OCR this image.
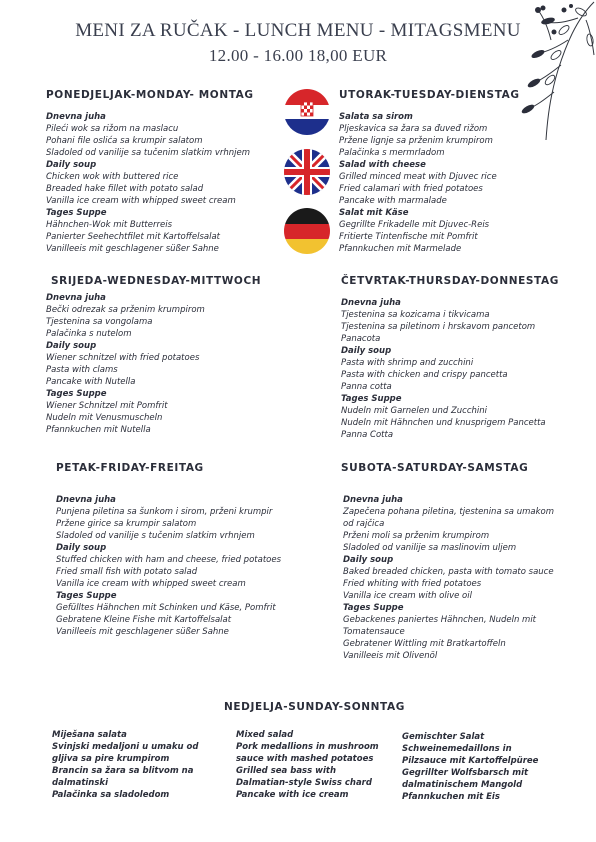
MENI ZA RUČAK - LUNCH MENU - MITAGSMENU
12.00 - 16.00 18,00 EUR
PONEDJELJAK-MONDAY- MONTAG
Dnevna juha
Pileći wok sa rižom na maslacu
Pohani file oslića sa krumpir salatom
Sladoled od vanilije sa tučenim slatkim vrhnjem
Daily soup
Chicken wok with buttered rice
Breaded hake fillet with potato salad
Vanilla ice cream with whipped sweet cream
Tages Suppe
Hähnchen-Wok mit Butterreis
Panierter Seehechtfilet mit Kartoffelsalat
Vanilleeis mit geschlagener süßer Sahne
UTORAK-TUESDAY-DIENSTAG
Salata sa sirom
Pljeskavica sa žara sa đuveđ rižom
Pržene lignje sa prženim krumpirom
Palačinka s mermrladom
Salad with cheese
Grilled minced meat with Djuvec rice
Fried calamari with fried potatoes
Pancake with marmalade
Salat mit Käse
Gegrillte Frikadelle mit Djuvec-Reis
Fritierte Tintenfische mit Pomfrit
Pfannkuchen mit Marmelade
SRIJEDA-WEDNESDAY-MITTWOCH
Dnevna juha
Bečki odrezak sa prženim krumpirom
Tjestenina sa vongolama
Palačinka s nutelom
Daily soup
Wiener schnitzel with fried potatoes
Pasta with clams
Pancake with Nutella
Tages Suppe
Wiener Schnitzel mit Pomfrit
Nudeln mit Venusmuscheln
Pfannkuchen mit Nutella
ČETVRTAK-THURSDAY-DONNESTAG
Dnevna juha
Tjestenina sa kozicama i tikvicama
Tjestenina sa piletinom i hrskavom pancetom
Panacota
Daily soup
Pasta with shrimp and zucchini
Pasta with chicken and crispy pancetta
Panna cotta
Tages Suppe
Nudeln mit Garnelen und Zucchini
Nudeln mit Hähnchen und knusprigem Pancetta
Panna Cotta
PETAK-FRIDAY-FREITAG
Dnevna juha
Punjena piletina sa šunkom i sirom, prženi krumpir
Pržene girice sa krumpir salatom
Sladoled od vanilije s tučenim slatkim vrhnjem
Daily soup
Stuffed chicken with ham and cheese, fried potatoes
Fried small fish with potato salad
Vanilla ice cream with whipped sweet cream
Tages Suppe
Gefülltes Hähnchen mit Schinken und Käse, Pomfrit
Gebratene Kleine Fishe mit Kartoffelsalat
Vanilleeis mit geschlagener süßer Sahne
SUBOTA-SATURDAY-SAMSTAG
Dnevna juha
Zapečena pohana piletina, tjestenina sa umakom
od rajčica
Prženi moli sa prženim krumpirom
Sladoled od vanilije sa maslinovim uljem
Daily soup
Baked breaded chicken, pasta with tomato sauce
Fried whiting with fried potatoes
Vanilla ice cream with olive oil
Tages Suppe
Gebackenes paniertes Hähnchen, Nudeln mit
Tomatensauce
Gebratener Wittling mit Bratkartoffeln
Vanilleeis mit Olivenöl
NEDJELJA-SUNDAY-SONNTAG
Miješana salata
Svinjski medaljoni u umaku od
gljiva sa pire krumpirom
Brancin sa žara sa blitvom na
dalmatinski
Palačinka sa sladoledom
Mixed salad
Pork medallions in mushroom
sauce with mashed potatoes
Grilled sea bass with
Dalmatian-style Swiss chard
Pancake with ice cream
Gemischter Salat
Schweinemedaillons in
Pilzsauce mit Kartoffelpüree
Gegrillter Wolfsbarsch mit
dalmatinischem Mangold
Pfannkuchen mit Eis
